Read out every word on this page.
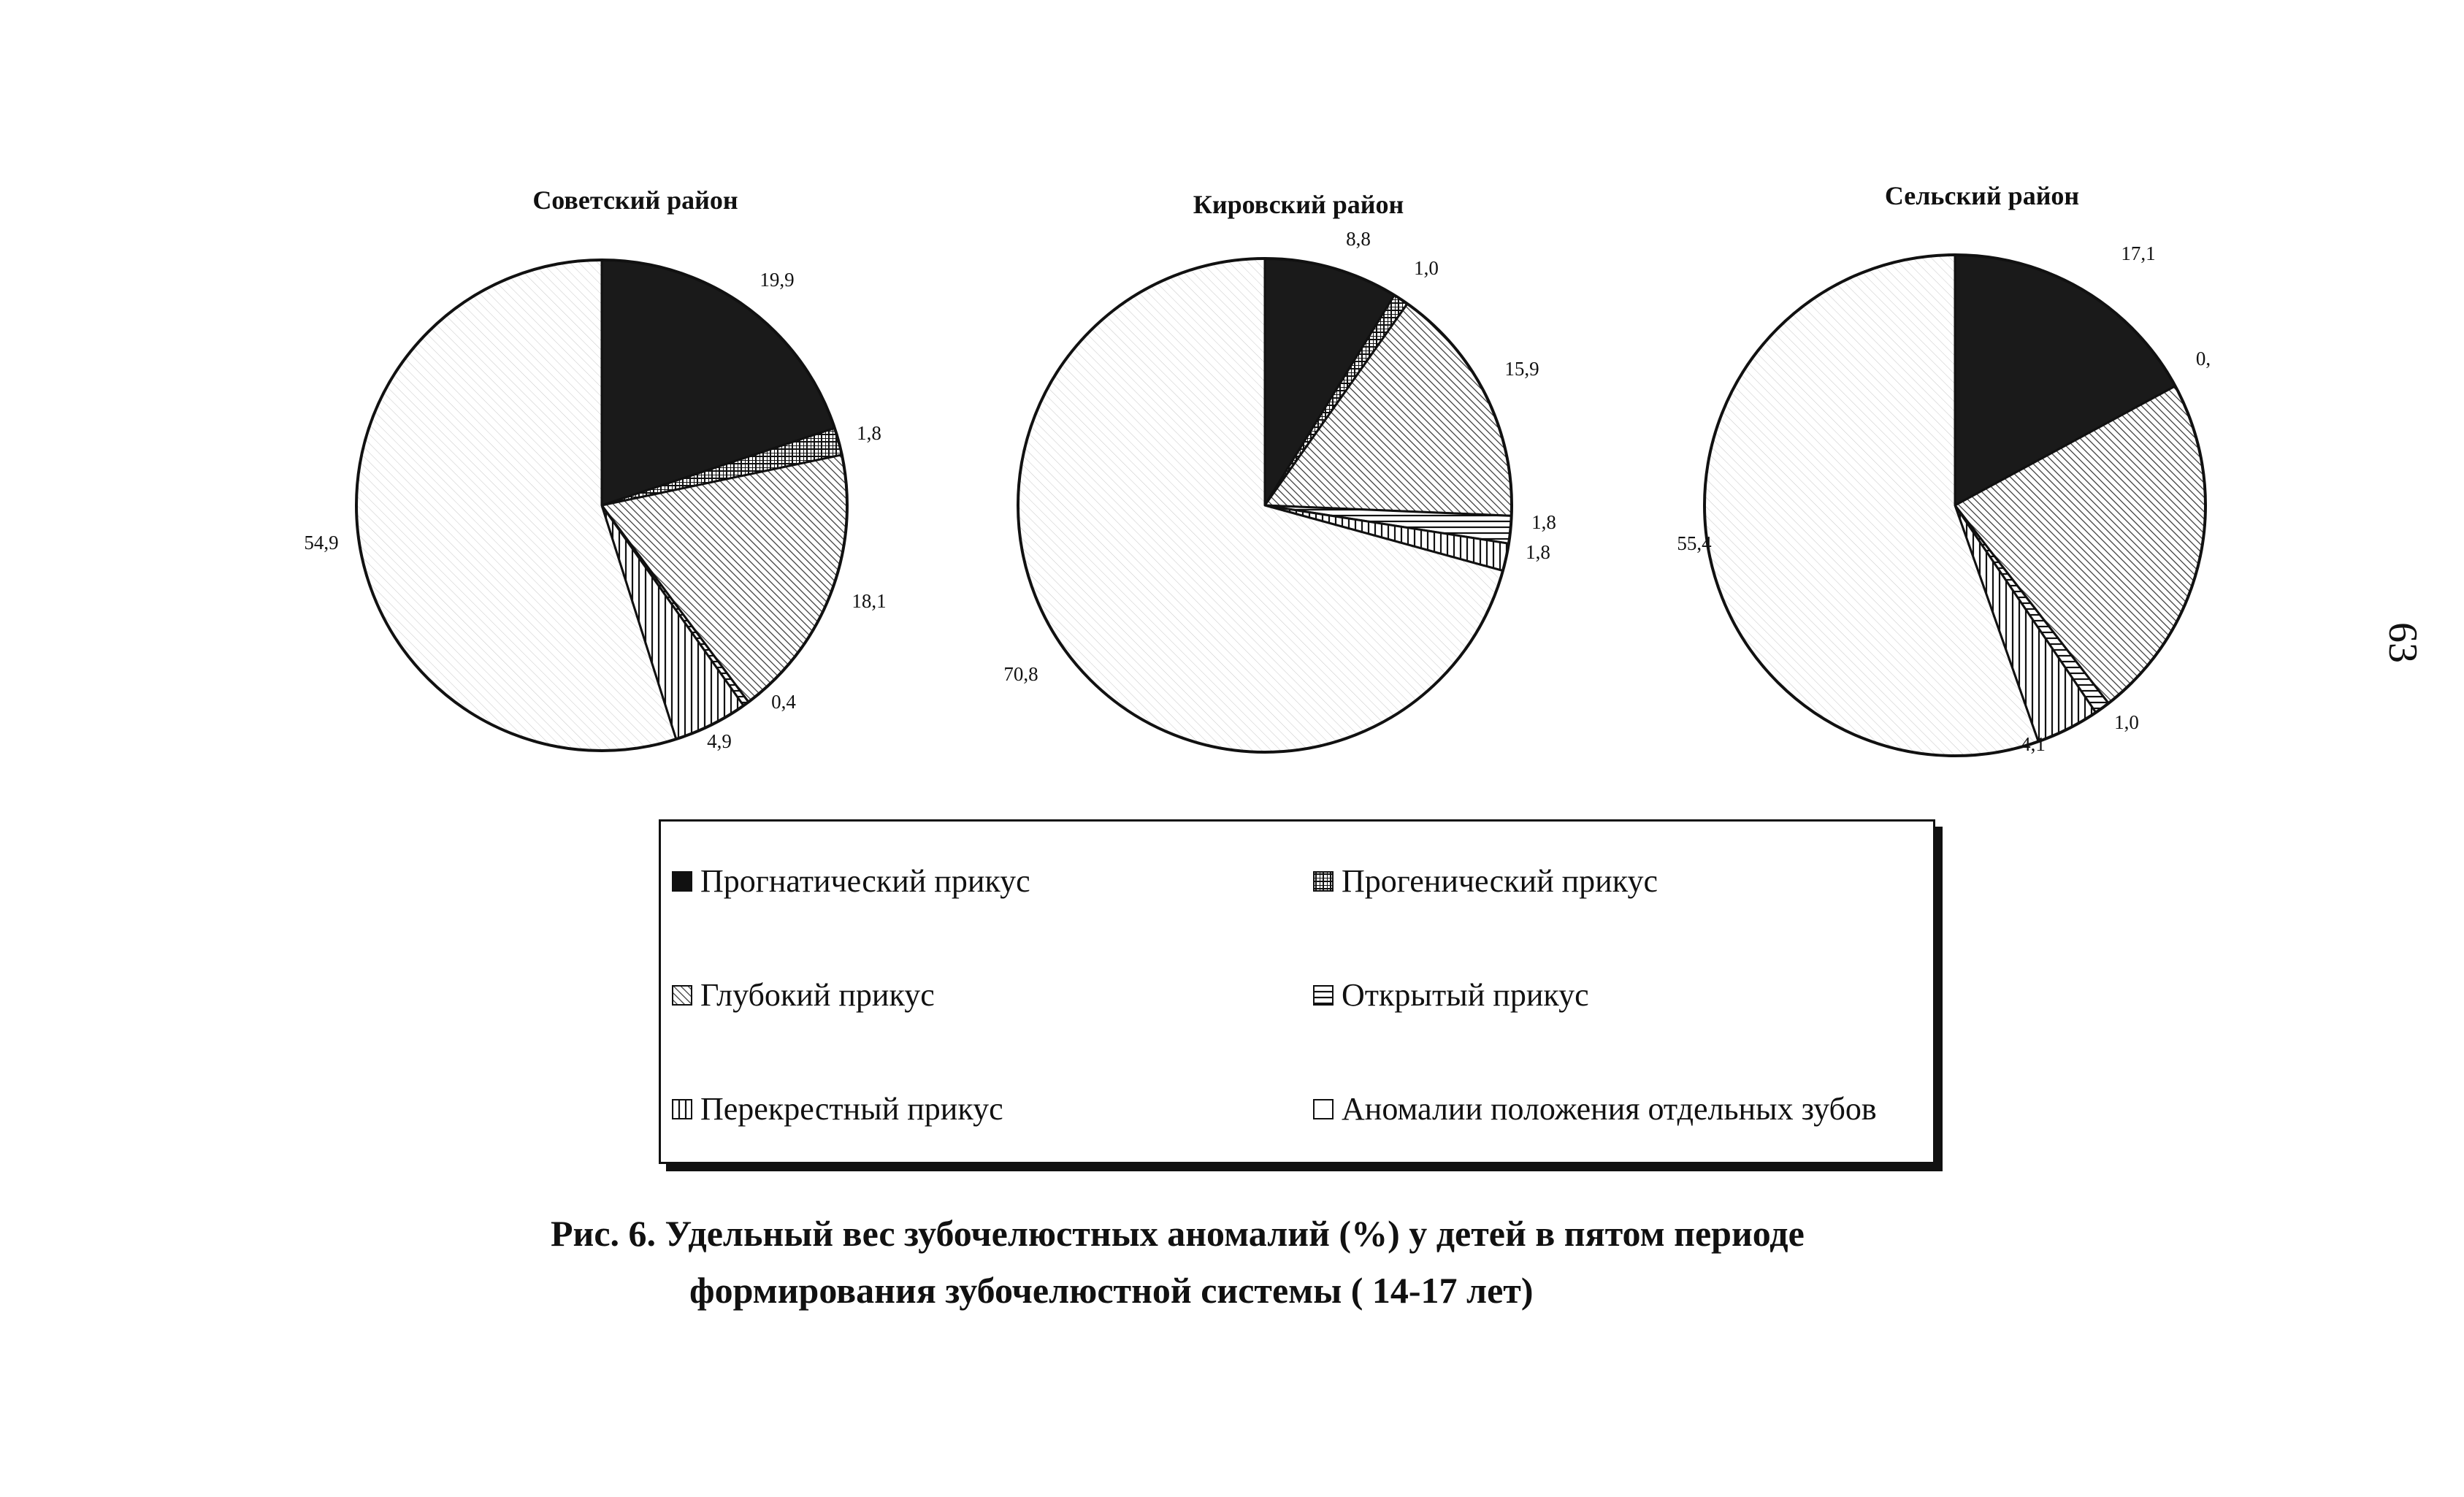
Советский район
19,9
1,8
18,1
0,4
4,9
54,9
Кировский район
8,8
1,0
15,9
1,8
1,8
70,8
Сельский район
17,1
0,
1,0
4,1
55,4
Прогнатический прикус	Прогенический прикус
Глубокий прикус	Открытый прикус
Перекрестный прикус	Аномалии положения отдельных зубов
Рис. 6. Удельный вес зубочелюстных аномалий (%) у детей в пятом периоде
формирования зубочелюстной системы ( 14-17 лет)
63
